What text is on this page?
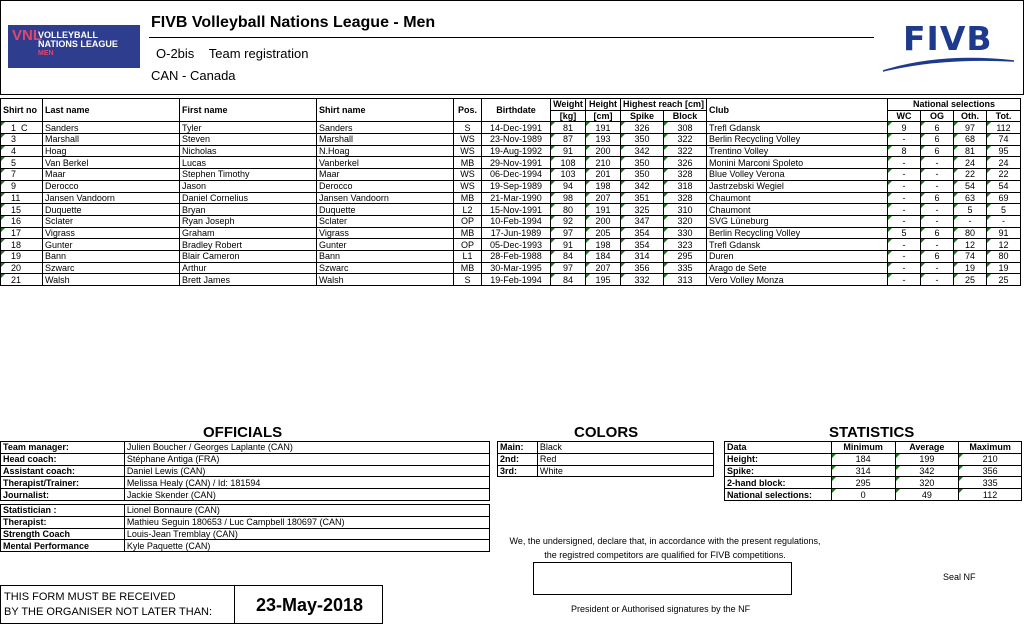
VNL
VOLLEYBALL
NATIONS LEAGUE
MEN
FIVB Volleyball Nations League - Men
O-2bis Team registration
CAN - Canada
FIVB
Shirt no	Last name	First name	Shirt name	Pos.	Birthdate	Weight	Height	Highest reach [cm]		Club	National selections			
						[kg]	[cm]	Spike	Block		WC	OG	Oth.	Tot.
1 C	Sanders	Tyler	Sanders	S	14-Dec-1991	81	191	326	308	Trefl Gdansk	9	6	97	112
3	Marshall	Steven	Marshall	WS	23-Nov-1989	87	193	350	322	Berlin Recycling Volley	-	6	68	74
4	Hoag	Nicholas	N.Hoag	WS	19-Aug-1992	91	200	342	322	Trentino Volley	8	6	81	95
5	Van Berkel	Lucas	Vanberkel	MB	29-Nov-1991	108	210	350	326	Monini Marconi Spoleto	-	-	24	24
7	Maar	Stephen Timothy	Maar	WS	06-Dec-1994	103	201	350	328	Blue Volley Verona	-	-	22	22
9	Derocco	Jason	Derocco	WS	19-Sep-1989	94	198	342	318	Jastrzebski Wegiel	-	-	54	54
11	Jansen Vandoorn	Daniel Cornelius	Jansen Vandoorn	MB	21-Mar-1990	98	207	351	328	Chaumont	-	6	63	69
15	Duquette	Bryan	Duquette	L2	15-Nov-1991	80	191	325	310	Chaumont	-	-	5	5
16	Sclater	Ryan Joseph	Sclater	OP	10-Feb-1994	92	200	347	320	SVG Lüneburg	-	-	-	-
17	Vigrass	Graham	Vigrass	MB	17-Jun-1989	97	205	354	330	Berlin Recycling Volley	5	6	80	91
18	Gunter	Bradley Robert	Gunter	OP	05-Dec-1993	91	198	354	323	Trefl Gdansk	-	-	12	12
19	Bann	Blair Cameron	Bann	L1	28-Feb-1988	84	184	314	295	Duren	-	6	74	80
20	Szwarc	Arthur	Szwarc	MB	30-Mar-1995	97	207	356	335	Arago de Sete	-	-	19	19
21	Walsh	Brett James	Walsh	S	19-Feb-1994	84	195	332	313	Vero Volley Monza	-	-	25	25
OFFICIALS
Team manager:	Julien Boucher / Georges Laplante (CAN)
Head coach:	Stéphane Antiga (FRA)
Assistant coach:	Daniel Lewis (CAN)
Therapist/Trainer:	Melissa Healy (CAN) / Id: 181594
Journalist:	Jackie Skender (CAN)
Statistician :	Lionel Bonnaure (CAN)
Therapist:	Mathieu Seguin 180653 / Luc Campbell 180697 (CAN)
Strength Coach	Louis-Jean Tremblay (CAN)
Mental Performance	Kyle Paquette (CAN)
COLORS
Main:	Black
2nd:	Red
3rd:	White
STATISTICS
Data	Minimum	Average	Maximum
Height:	184	199	210
Spike:	314	342	356
2-hand block:	295	320	335
National selections:	0	49	112
We, the undersigned, declare that, in accordance with the present regulations,
the registred competitors are qualified for FIVB competitions.
President or Authorised signatures by the NF
Seal NF
THIS FORM MUST BE RECEIVED
BY THE ORGANISER NOT LATER THAN: 23-May-2018
